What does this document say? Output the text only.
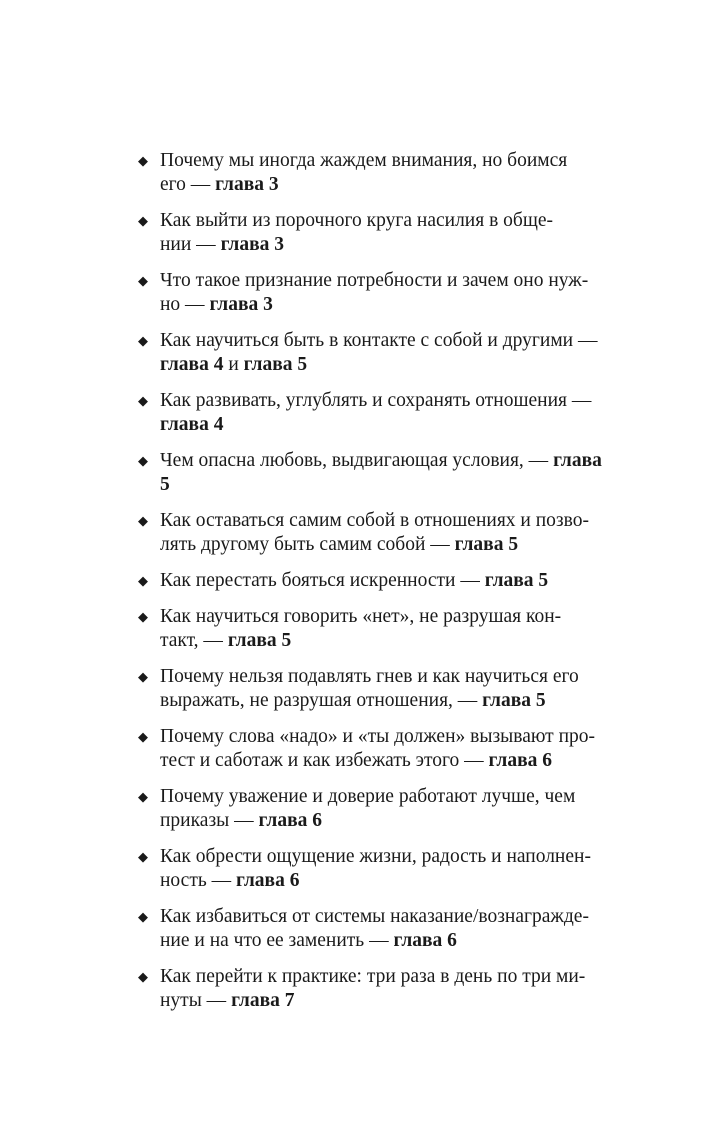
◆ Почему мы иногда жаждем внимания, но боимся
его — глава 3
◆ Как выйти из порочного круга насилия в обще-
нии — глава 3
◆ Что такое признание потребности и зачем оно нуж-
но — глава 3
◆ Как научиться быть в контакте с собой и другими —
глава 4 и глава 5
◆ Как развивать, углублять и сохранять отношения —
глава 4
◆ Чем опасна любовь, выдвигающая условия, — глава
5
◆ Как оставаться самим собой в отношениях и позво-
лять другому быть самим собой — глава 5
◆ Как перестать бояться искренности — глава 5
◆ Как научиться говорить «нет», не разрушая кон-
такт, — глава 5
◆ Почему нельзя подавлять гнев и как научиться его
выражать, не разрушая отношения, — глава 5
◆ Почему слова «надо» и «ты должен» вызывают про-
тест и саботаж и как избежать этого — глава 6
◆ Почему уважение и доверие работают лучше, чем
приказы — глава 6
◆ Как обрести ощущение жизни, радость и наполнен-
ность — глава 6
◆ Как избавиться от системы наказание/вознагражде-
ние и на что ее заменить — глава 6
◆ Как перейти к практике: три раза в день по три ми-
нуты — глава 7
